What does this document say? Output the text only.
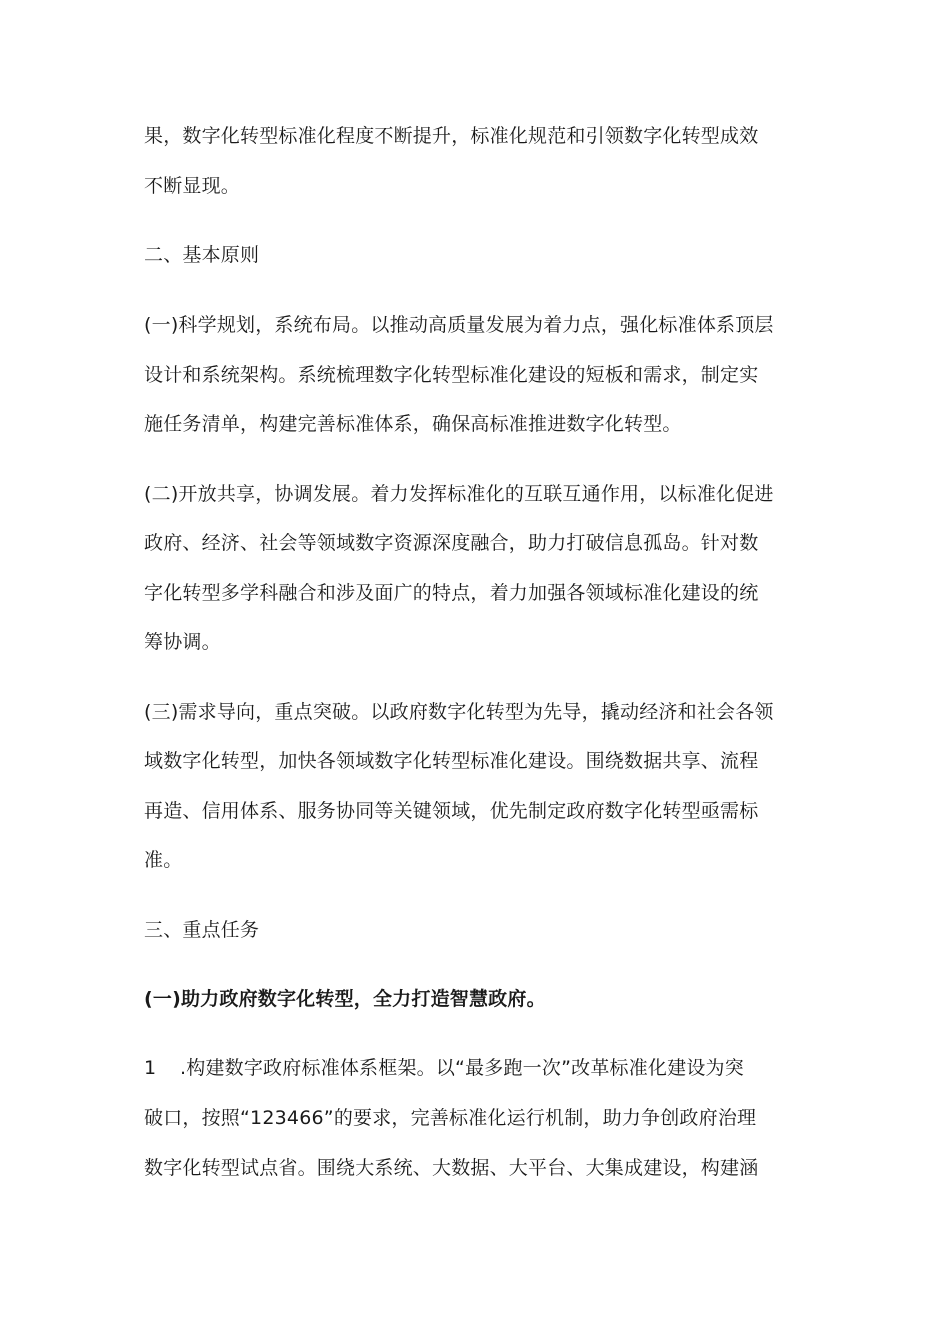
果，数字化转型标准化程度不断提升，标准化规范和引领数字化转型成效
不断显现。
二、基本原则
(一)科学规划，系统布局。以推动高质量发展为着力点，强化标准体系顶层
设计和系统架构。系统梳理数字化转型标准化建设的短板和需求，制定实
施任务清单，构建完善标准体系，确保高标准推进数字化转型。
(二)开放共享，协调发展。着力发挥标准化的互联互通作用，以标准化促进
政府、经济、社会等领域数字资源深度融合，助力打破信息孤岛。针对数
字化转型多学科融合和涉及面广的特点，着力加强各领域标准化建设的统
筹协调。
(三)需求导向，重点突破。以政府数字化转型为先导，撬动经济和社会各领
域数字化转型，加快各领域数字化转型标准化建设。围绕数据共享、流程
再造、信用体系、服务协同等关键领域，优先制定政府数字化转型亟需标
准。
三、重点任务
(一)助力政府数字化转型，全力打造智慧政府。
1 .构建数字政府标准体系框架。以“最多跑一次”改革标准化建设为突
破口，按照“123466”的要求，完善标准化运行机制，助力争创政府治理
数字化转型试点省。围绕大系统、大数据、大平台、大集成建设，构建涵
